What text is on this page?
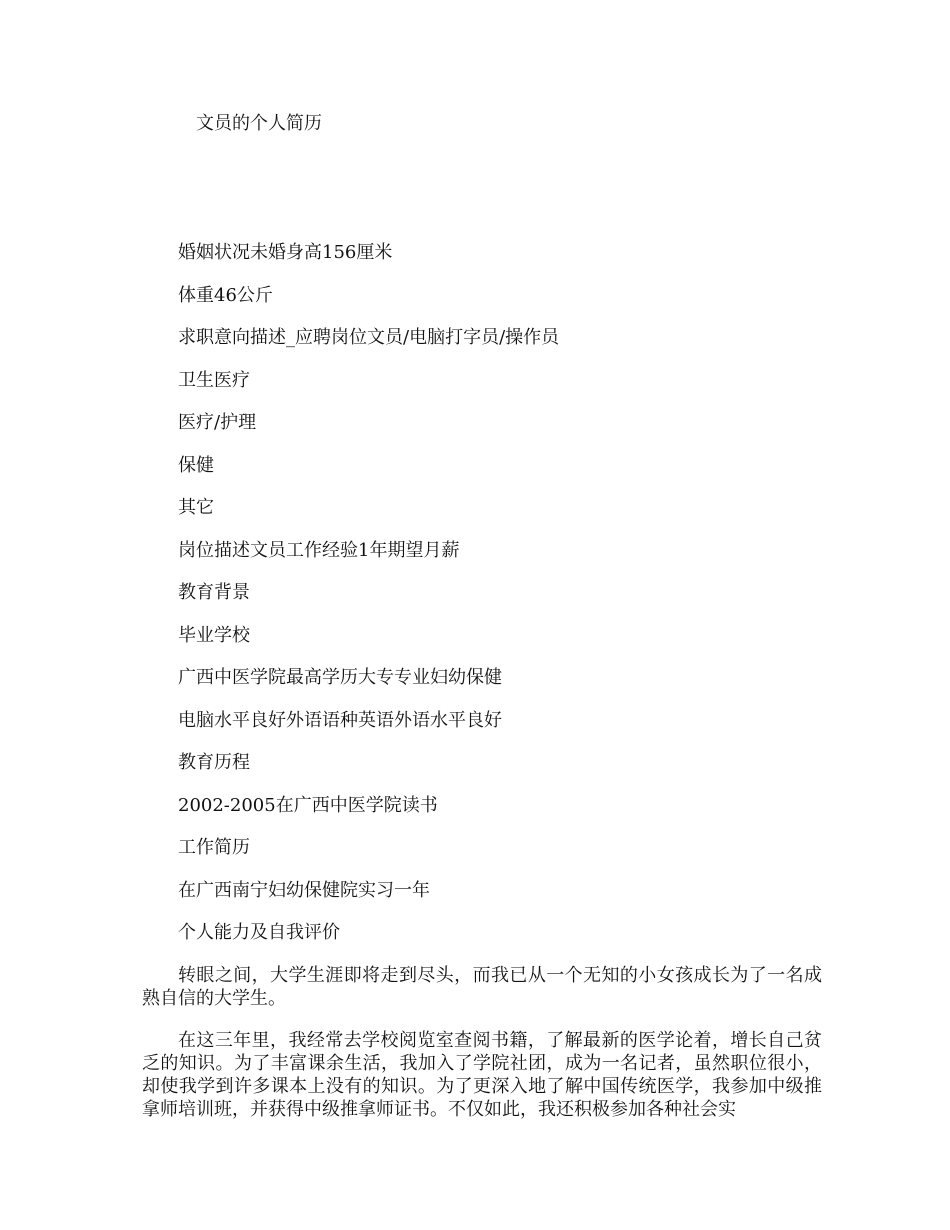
文员的个人简历
婚姻状况未婚身高156厘米
体重46公斤
求职意向描述_应聘岗位文员/电脑打字员/操作员
卫生医疗
医疗/护理
保健
其它
岗位描述文员工作经验1年期望月薪
教育背景
毕业学校
广西中医学院最高学历大专专业妇幼保健
电脑水平良好外语语种英语外语水平良好
教育历程
2002-2005在广西中医学院读书
工作简历
在广西南宁妇幼保健院实习一年
个人能力及自我评价

转眼之间，大学生涯即将走到尽头，而我已从一个无知的小女孩成长为了一名成熟自信的大学生。

在这三年里，我经常去学校阅览室查阅书籍，了解最新的医学论着，增长自己贫乏的知识。为了丰富课余生活，我加入了学院社团，成为一名记者，虽然职位很小，却使我学到许多课本上没有的知识。为了更深入地了解中国传统医学，我参加中级推拿师培训班，并获得中级推拿师证书。不仅如此，我还积极参加各种社会实
